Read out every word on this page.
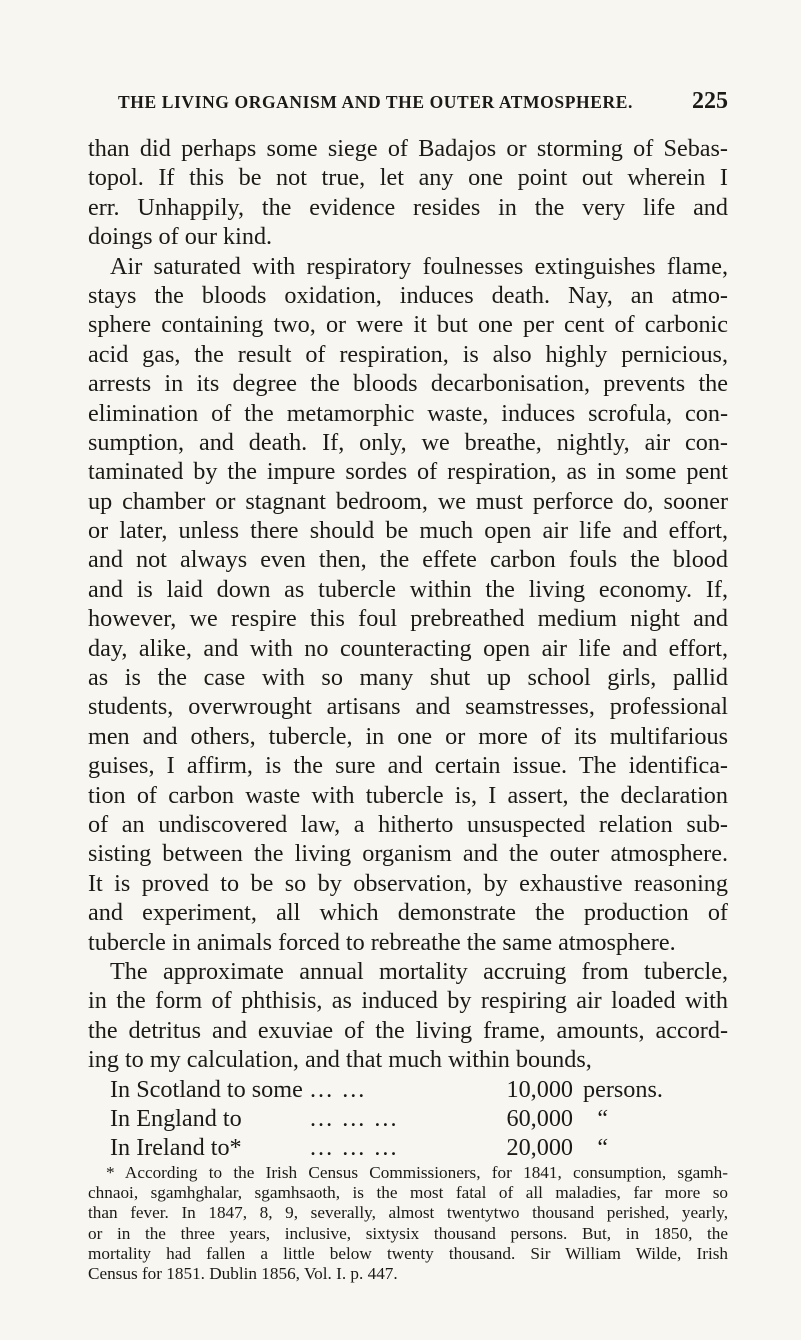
THE LIVING ORGANISM AND THE OUTER ATMOSPHERE. 225
than did perhaps some siege of Badajos or storming of Sebas-
topol. If this be not true, let any one point out wherein I
err. Unhappily, the evidence resides in the very life and
doings of our kind.
Air saturated with respiratory foulnesses extinguishes flame,
stays the bloods oxidation, induces death. Nay, an atmo-
sphere containing two, or were it but one per cent of carbonic
acid gas, the result of respiration, is also highly pernicious,
arrests in its degree the bloods decarbonisation, prevents the
elimination of the metamorphic waste, induces scrofula, con-
sumption, and death. If, only, we breathe, nightly, air con-
taminated by the impure sordes of respiration, as in some pent
up chamber or stagnant bedroom, we must perforce do, sooner
or later, unless there should be much open air life and effort,
and not always even then, the effete carbon fouls the blood
and is laid down as tubercle within the living economy. If,
however, we respire this foul prebreathed medium night and
day, alike, and with no counteracting open air life and effort,
as is the case with so many shut up school girls, pallid
students, overwrought artisans and seamstresses, professional
men and others, tubercle, in one or more of its multifarious
guises, I affirm, is the sure and certain issue. The identifica-
tion of carbon waste with tubercle is, I assert, the declaration
of an undiscovered law, a hitherto unsuspected relation sub-
sisting between the living organism and the outer atmosphere.
It is proved to be so by observation, by exhaustive reasoning
and experiment, all which demonstrate the production of
tubercle in animals forced to rebreathe the same atmosphere.
The approximate annual mortality accruing from tubercle,
in the form of phthisis, as induced by respiring air loaded with
the detritus and exuviae of the living frame, amounts, accord-
ing to my calculation, and that much within bounds,
In Scotland to some ... ...	10,000 persons.
In England to	... ... ...	60,000 “
In Ireland to*	... ... ...	20,000 “
* According to the Irish Census Commissioners, for 1841, consumption, sgamh-
chnaoi, sgamhghalar, sgamhsaoth, is the most fatal of all maladies, far more so
than fever. In 1847, 8, 9, severally, almost twentytwo thousand perished, yearly,
or in the three years, inclusive, sixtysix thousand persons. But, in 1850, the
mortality had fallen a little below twenty thousand. Sir William Wilde, Irish
Census for 1851. Dublin 1856, Vol. I. p. 447.
